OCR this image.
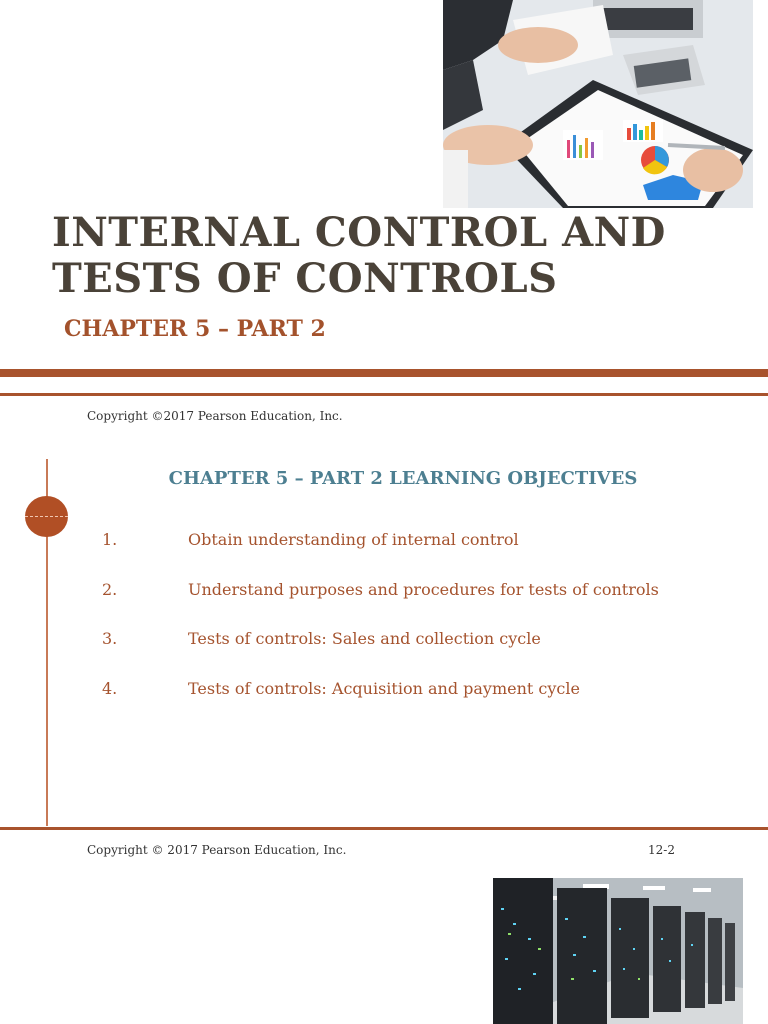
INTERNAL CONTROL AND
TESTS OF CONTROLS
CHAPTER 5 – PART 2
Copyright ©2017 Pearson Education, Inc.
CHAPTER 5 – PART 2 LEARNING OBJECTIVES
1.	Obtain understanding of internal control
2.	Understand purposes and procedures for tests of controls
3.	Tests of controls: Sales and collection cycle
4.	Tests of controls: Acquisition and payment cycle
Copyright © 2017 Pearson Education, Inc.	12-2
